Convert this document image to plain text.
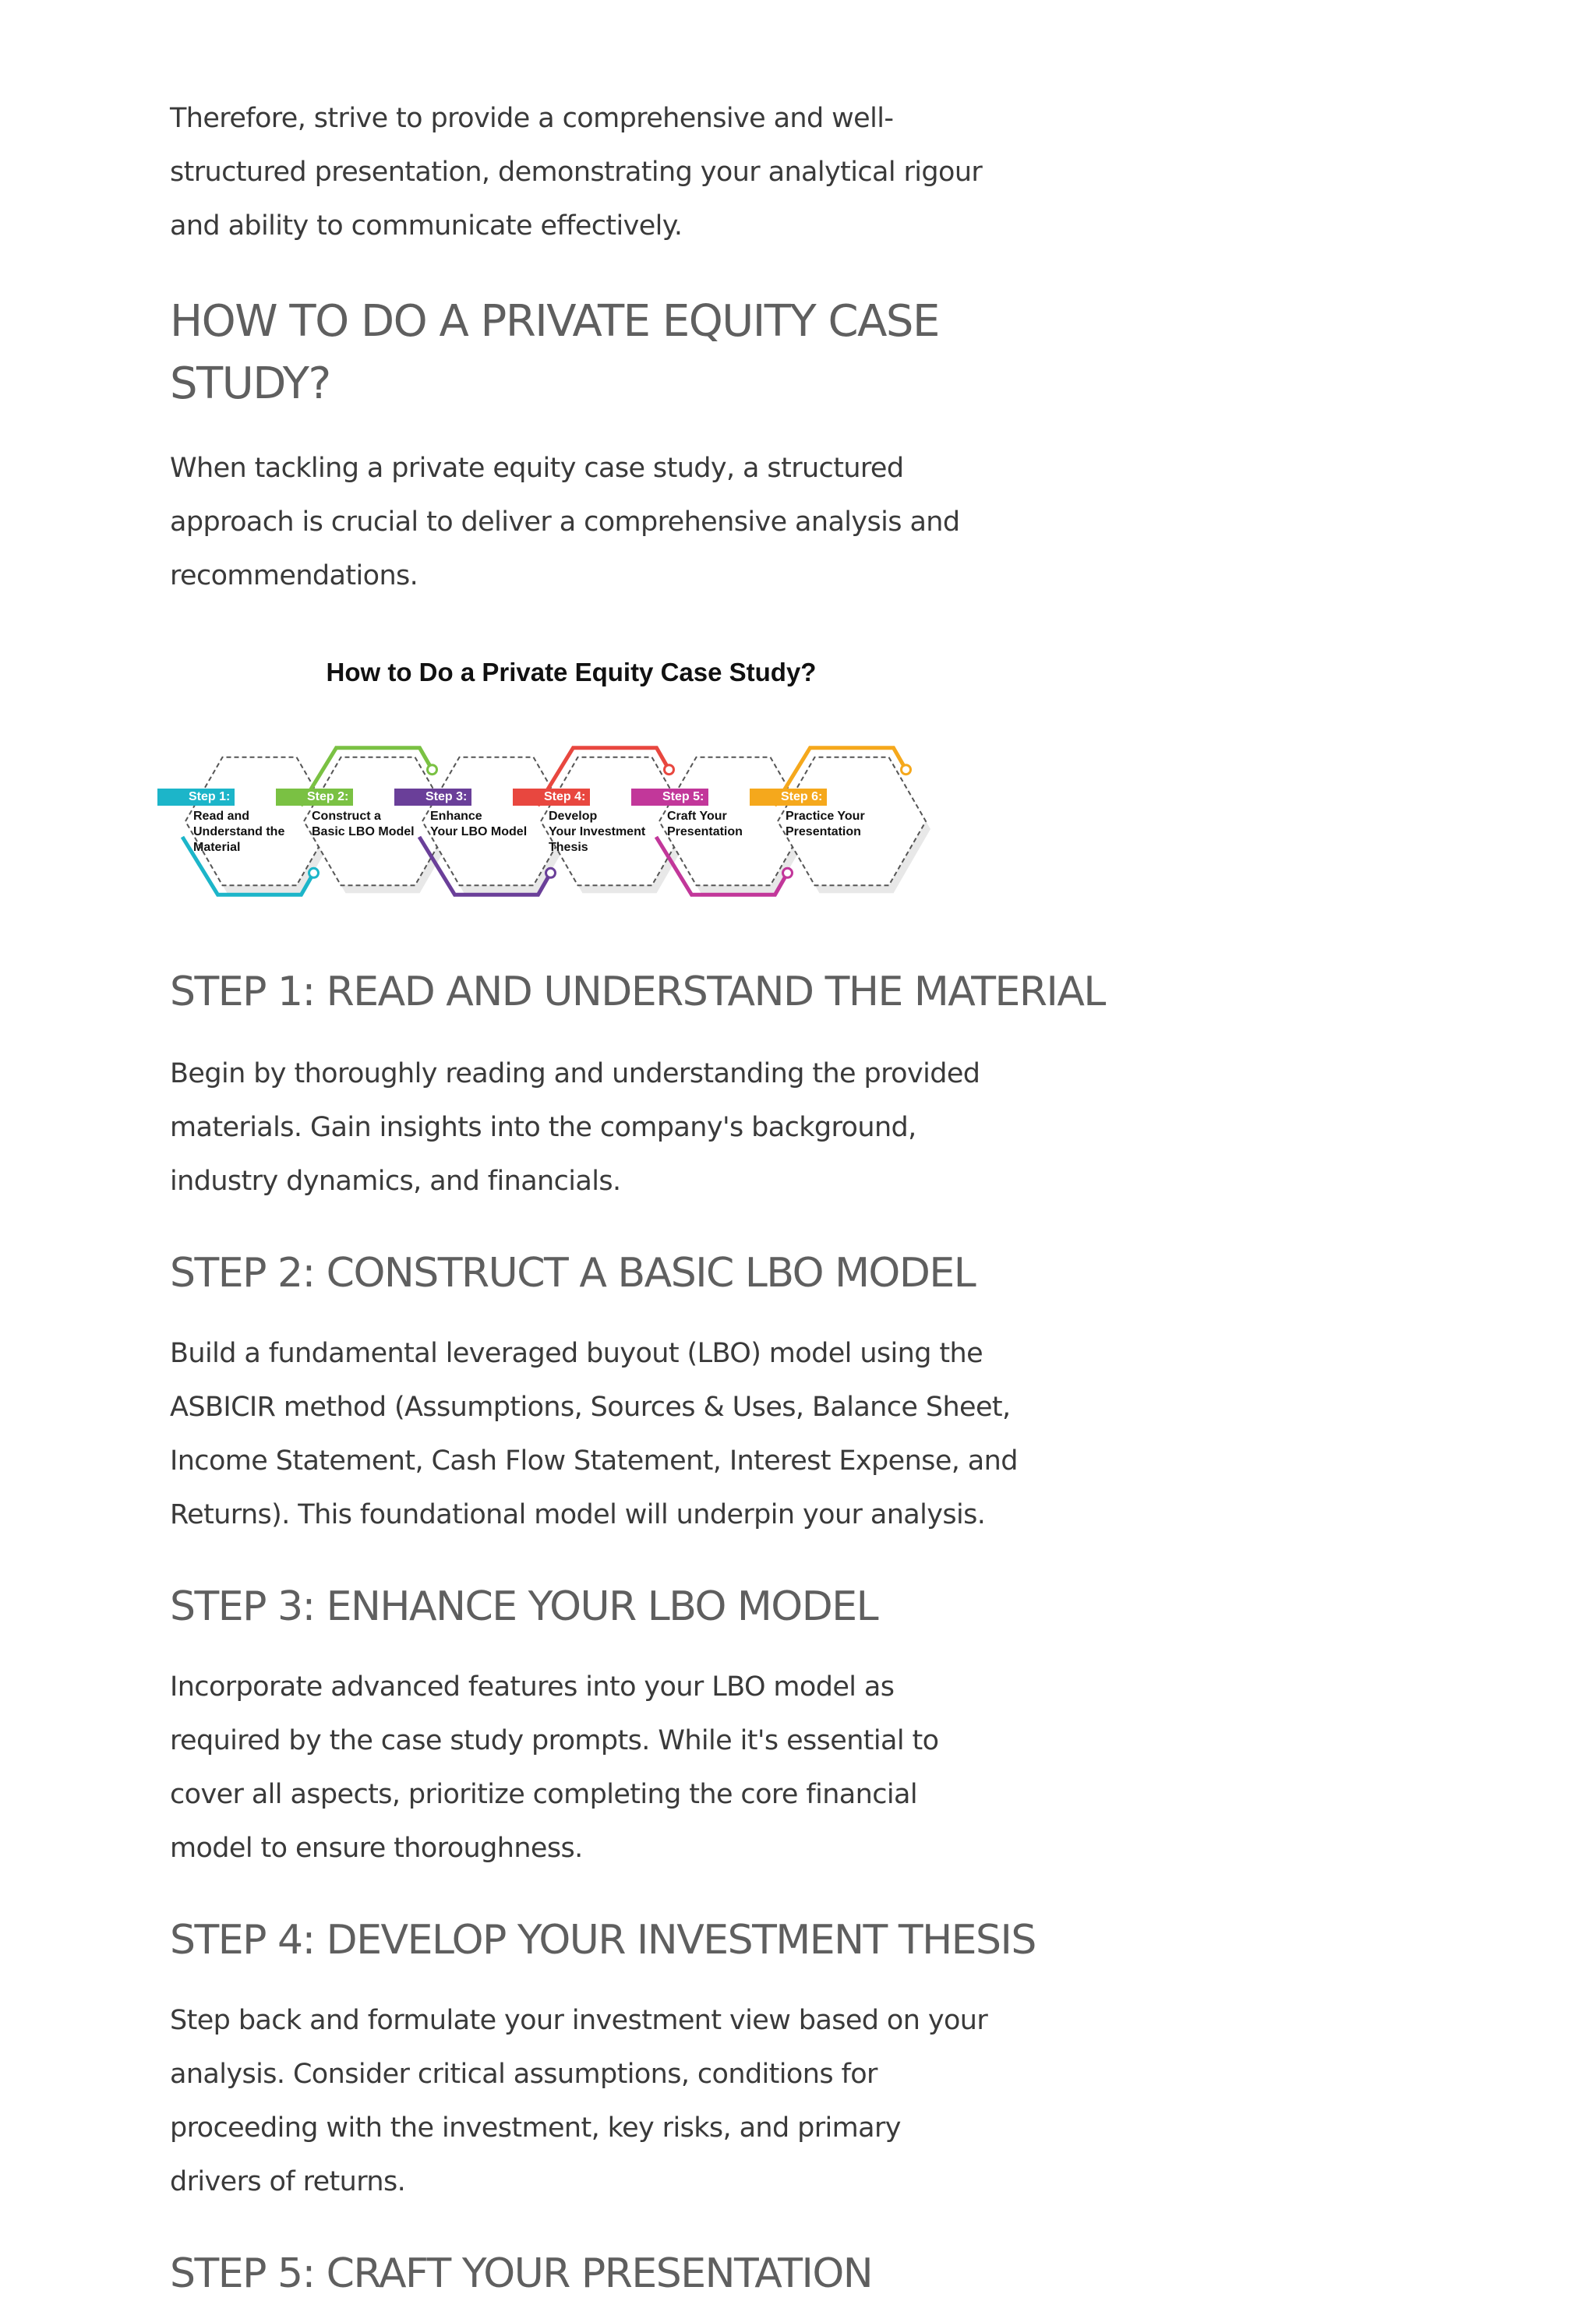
Therefore, strive to provide a comprehensive and well-structured presentation, demonstrating your analytical rigour and ability to communicate effectively.

HOW TO DO A PRIVATE EQUITY CASE
STUDY?

When tackling a private equity case study, a structured approach is crucial to deliver a comprehensive analysis and recommendations.

How to Do a Private Equity Case Study?
Step 1:
Read and
Understand the
Material
Step 2:
Construct a
Basic LBO Model
Step 3:
Enhance
Your LBO Model
Step 4:
Develop
Your Investment
Thesis
Step 5:
Craft Your
Presentation
Step 6:
Practice Your
Presentation
STEP 1: READ AND UNDERSTAND THE MATERIAL

Begin by thoroughly reading and understanding the provided materials. Gain insights into the company's background, industry dynamics, and financials.

STEP 2: CONSTRUCT A BASIC LBO MODEL

Build a fundamental leveraged buyout (LBO) model using the ASBICIR method (Assumptions, Sources & Uses, Balance Sheet, Income Statement, Cash Flow Statement, Interest Expense, and Returns). This foundational model will underpin your analysis.

STEP 3: ENHANCE YOUR LBO MODEL

Incorporate advanced features into your LBO model as required by the case study prompts. While it's essential to cover all aspects, prioritize completing the core financial model to ensure thoroughness.

STEP 4: DEVELOP YOUR INVESTMENT THESIS

Step back and formulate your investment view based on your analysis. Consider critical assumptions, conditions for proceeding with the investment, key risks, and primary drivers of returns.

STEP 5: CRAFT YOUR PRESENTATION
